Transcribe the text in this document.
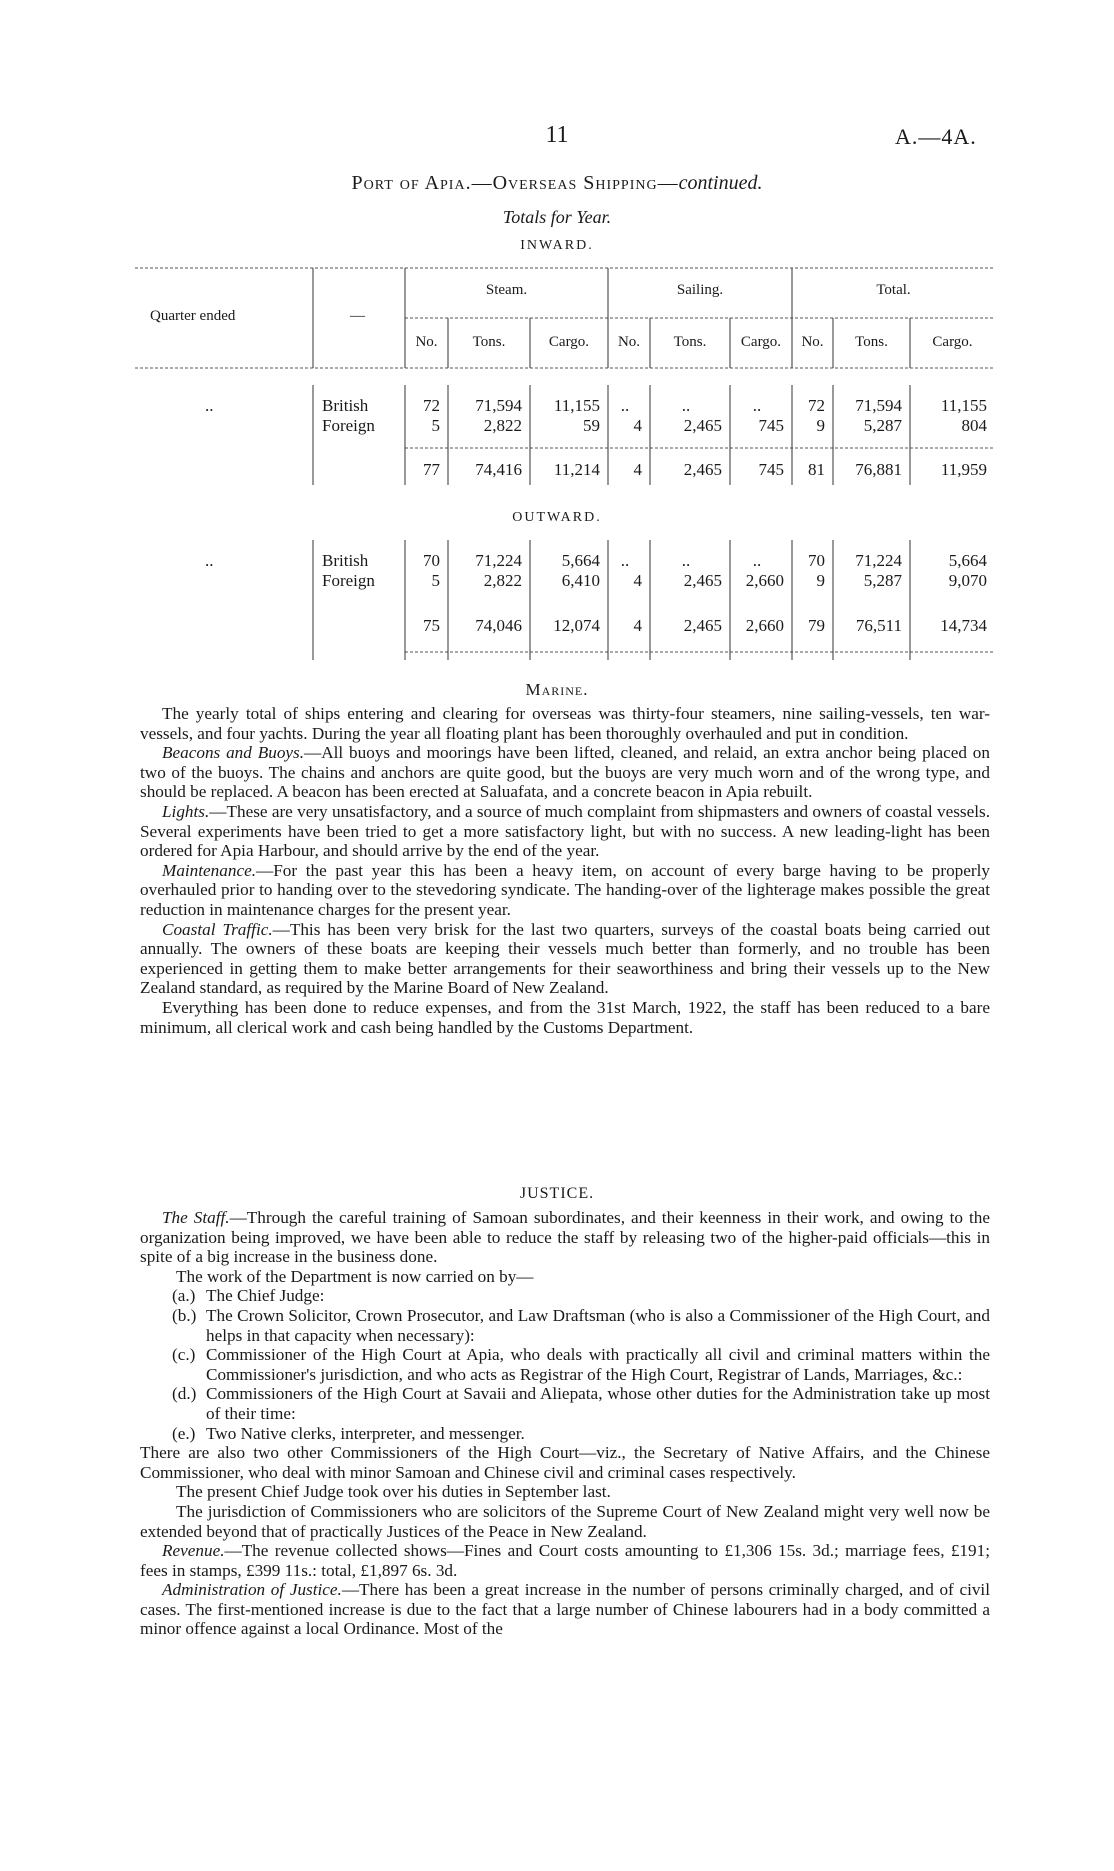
11	A.—4A.
Port of Apia.—Overseas Shipping—continued.
Totals for Year.
INWARD.
Quarter ended	—
Steam.	Sailing.	Total.
No.	Tons.	Cargo.	No.	Tons.	Cargo.	No.	Tons.	Cargo.
..	British	72	71,594	11,155	..	..	..	72	71,594	11,155
Foreign	5	2,822	59	4	2,465	745	9	5,287	804
77	74,416	11,214	4	2,465	745	81	76,881	11,959
..	British	70	71,224	5,664	..	..	..	70	71,224	5,664
Foreign	5	2,822	6,410	4	2,465	2,660	9	5,287	9,070
75	74,046	12,074	4	2,465	2,660	79	76,511	14,734
OUTWARD.
Marine.

The yearly total of ships entering and clearing for overseas was thirty-four steamers, nine sailing-vessels, ten war-vessels, and four yachts. During the year all floating plant has been thoroughly overhauled and put in condition.

Beacons and Buoys.—All buoys and moorings have been lifted, cleaned, and relaid, an extra anchor being placed on two of the buoys. The chains and anchors are quite good, but the buoys are very much worn and of the wrong type, and should be replaced. A beacon has been erected at Saluafata, and a concrete beacon in Apia rebuilt.

Lights.—These are very unsatisfactory, and a source of much complaint from shipmasters and owners of coastal vessels. Several experiments have been tried to get a more satisfactory light, but with no success. A new leading-light has been ordered for Apia Harbour, and should arrive by the end of the year.

Maintenance.—For the past year this has been a heavy item, on account of every barge having to be properly overhauled prior to handing over to the stevedoring syndicate. The handing-over of the lighterage makes possible the great reduction in maintenance charges for the present year.

Coastal Traffic.—This has been very brisk for the last two quarters, surveys of the coastal boats being carried out annually. The owners of these boats are keeping their vessels much better than formerly, and no trouble has been experienced in getting them to make better arrangements for their seaworthiness and bring their vessels up to the New Zealand standard, as required by the Marine Board of New Zealand.

Everything has been done to reduce expenses, and from the 31st March, 1922, the staff has been reduced to a bare minimum, all clerical work and cash being handled by the Customs Department.

JUSTICE.

The Staff.—Through the careful training of Samoan subordinates, and their keenness in their work, and owing to the organization being improved, we have been able to reduce the staff by releasing two of the higher-paid officials—this in spite of a big increase in the business done.

The work of the Department is now carried on by—

(a.) The Chief Judge:
(b.) The Crown Solicitor, Crown Prosecutor, and Law Draftsman (who is also a Commissioner of the High Court, and helps in that capacity when necessary):
(c.) Commissioner of the High Court at Apia, who deals with practically all civil and criminal matters within the Commissioner's jurisdiction, and who acts as Registrar of the High Court, Registrar of Lands, Marriages, &c.:
(d.) Commissioners of the High Court at Savaii and Aliepata, whose other duties for the Administration take up most of their time:
(e.) Two Native clerks, interpreter, and messenger.

There are also two other Commissioners of the High Court—viz., the Secretary of Native Affairs, and the Chinese Commissioner, who deal with minor Samoan and Chinese civil and criminal cases respectively.

The present Chief Judge took over his duties in September last.

The jurisdiction of Commissioners who are solicitors of the Supreme Court of New Zealand might very well now be extended beyond that of practically Justices of the Peace in New Zealand.

Revenue.—The revenue collected shows—Fines and Court costs amounting to £1,306 15s. 3d.; marriage fees, £191; fees in stamps, £399 11s.: total, £1,897 6s. 3d.

Administration of Justice.—There has been a great increase in the number of persons criminally charged, and of civil cases. The first-mentioned increase is due to the fact that a large number of Chinese labourers had in a body committed a minor offence against a local Ordinance. Most of the
